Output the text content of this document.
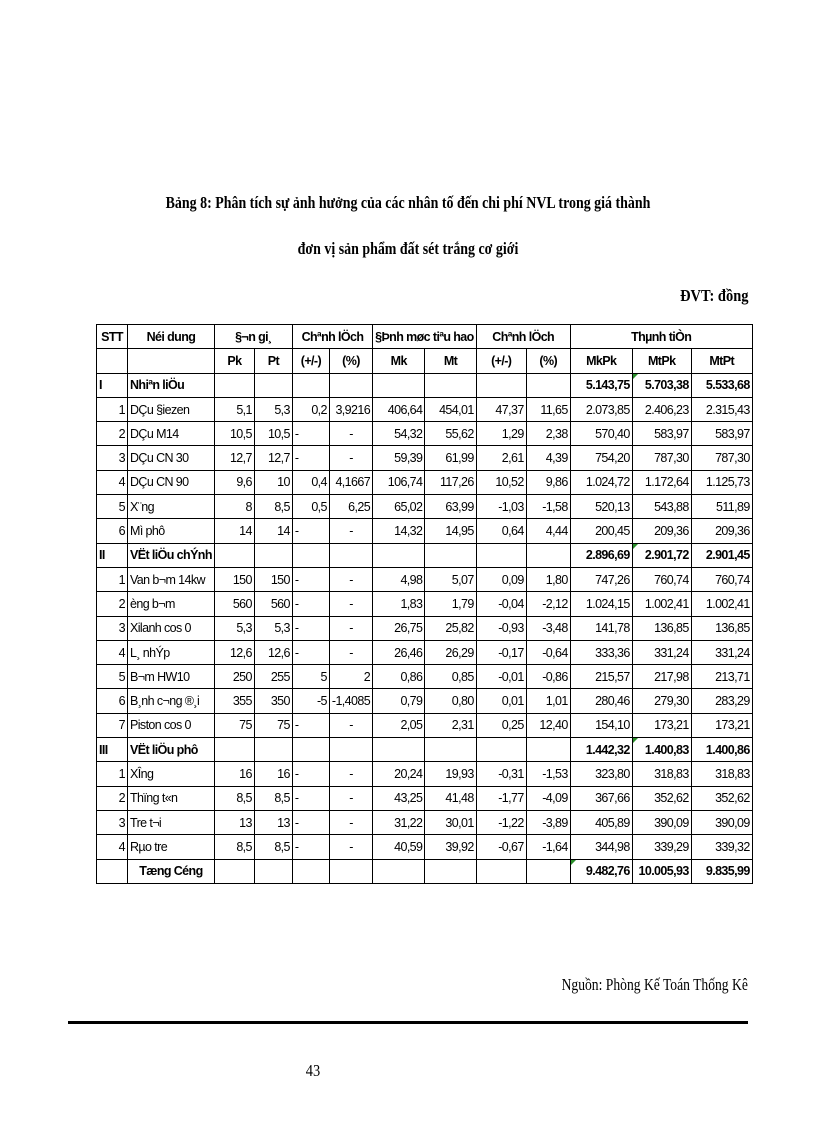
Bảng 8: Phân tích sự ảnh hưởng của các nhân tố đến chi phí NVL trong giá thành
đơn vị sản phẩm đất sét trắng cơ giới
ĐVT: đồng
STT	Néi dung	§¬n gi¸		Chªnh lÖch		§Þnh møc tiªu hao		Chªnh lÖch		Thµnh tiÒn		
		Pk	Pt	(+/-)	(%)	Mk	Mt	(+/-)	(%)	MkPk	MtPk	MtPt
I	Nhiªn liÖu									5.143,75	5.703,38	5.533,68
1	DÇu §iezen	5,1	5,3	0,2	3,9216	406,64	454,01	47,37	11,65	2.073,85	2.406,23	2.315,43
2	DÇu M14	10,5	10,5	-	-	54,32	55,62	1,29	2,38	570,40	583,97	583,97
3	DÇu CN 30	12,7	12,7	-	-	59,39	61,99	2,61	4,39	754,20	787,30	787,30
4	DÇu CN 90	9,6	10	0,4	4,1667	106,74	117,26	10,52	9,86	1.024,72	1.172,64	1.125,73
5	X¨ng	8	8,5	0,5	6,25	65,02	63,99	-1,03	-1,58	520,13	543,88	511,89
6	Mì phô	14	14	-	-	14,32	14,95	0,64	4,44	200,45	209,36	209,36
II	VËt liÖu chÝnh									2.896,69	2.901,72	2.901,45
1	Van b¬m 14kw	150	150	-	-	4,98	5,07	0,09	1,80	747,26	760,74	760,74
2	èng b¬m	560	560	-	-	1,83	1,79	-0,04	-2,12	1.024,15	1.002,41	1.002,41
3	Xilanh cos 0	5,3	5,3	-	-	26,75	25,82	-0,93	-3,48	141,78	136,85	136,85
4	L¸ nhÝp	12,6	12,6	-	-	26,46	26,29	-0,17	-0,64	333,36	331,24	331,24
5	B¬m HW10	250	255	5	2	0,86	0,85	-0,01	-0,86	215,57	217,98	213,71
6	B¸nh c¬ng ®¸i	355	350	-5	-1,4085	0,79	0,80	0,01	1,01	280,46	279,30	283,29
7	Piston cos 0	75	75	-	-	2,05	2,31	0,25	12,40	154,10	173,21	173,21
III	VËt liÖu phô									1.442,32	1.400,83	1.400,86
1	XÎng	16	16	-	-	20,24	19,93	-0,31	-1,53	323,80	318,83	318,83
2	Thïng t«n	8,5	8,5	-	-	43,25	41,48	-1,77	-4,09	367,66	352,62	352,62
3	Tre t¬i	13	13	-	-	31,22	30,01	-1,22	-3,89	405,89	390,09	390,09
4	Rµo tre	8,5	8,5	-	-	40,59	39,92	-0,67	-1,64	344,98	339,29	339,32
	Tæng Céng									9.482,76	10.005,93	9.835,99
Nguồn: Phòng Kế Toán Thống Kê
43
